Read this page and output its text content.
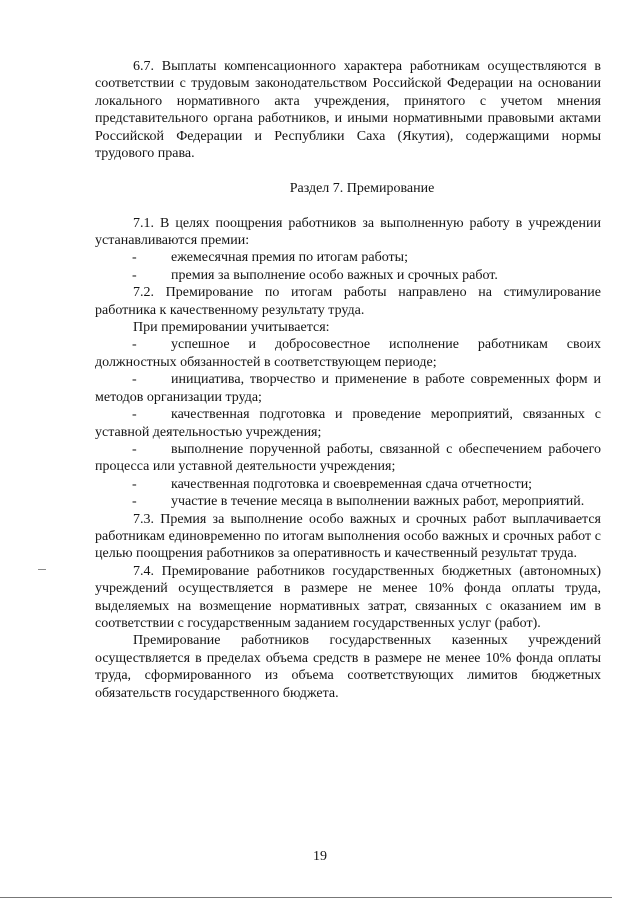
6.7. Выплаты компенсационного характера работникам осуществляются в соответствии с трудовым законодательством Российской Федерации на основании локального нормативного акта учреждения, принятого с учетом мнения представительного органа работников, и иными нормативными правовыми актами Российской Федерации и Республики Саха (Якутия), содержащими нормы трудового права.

Раздел 7. Премирование

7.1. В целях поощрения работников за выполненную работу в учреждении устанавливаются премии:

-	ежемесячная премия по итогам работы;

-	премия за выполнение особо важных и срочных работ.

7.2. Премирование по итогам работы направлено на стимулирование работника к качественному результату труда.

При премировании учитывается:

-	успешное и добросовестное исполнение работникам своих должностных обязанностей в соответствующем периоде;

-	инициатива, творчество и применение в работе современных форм и методов организации труда;

-	качественная подготовка и проведение мероприятий, связанных с уставной деятельностью учреждения;

-	выполнение порученной работы, связанной с обеспечением рабочего процесса или уставной деятельности учреждения;

-	качественная подготовка и своевременная сдача отчетности;

-	участие в течение месяца в выполнении важных работ, мероприятий.

7.3. Премия за выполнение особо важных и срочных работ выплачивается работникам единовременно по итогам выполнения особо важных и срочных работ с целью поощрения работников за оперативность и качественный результат труда.

7.4. Премирование работников государственных бюджетных (автономных) учреждений осуществляется в размере не менее 10% фонда оплаты труда, выделяемых на возмещение нормативных затрат, связанных с оказанием им в соответствии с государственным заданием государственных услуг (работ).

Премирование работников государственных казенных учреждений осуществляется в пределах объема средств в размере не менее 10% фонда оплаты труда, сформированного из объема соответствующих лимитов бюджетных обязательств государственного бюджета.

19
